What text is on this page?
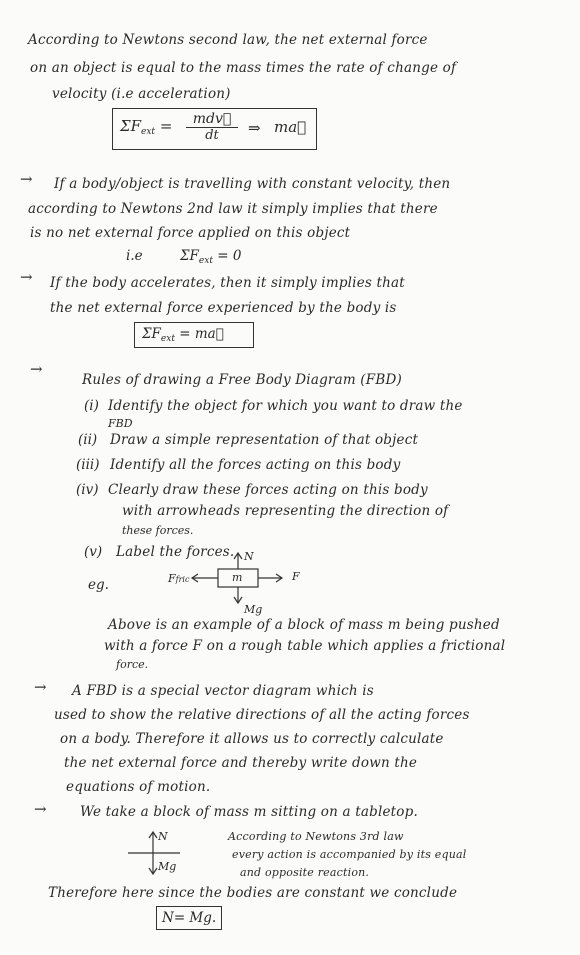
According to Newtons second law, the net external force
on an object is equal to the mass times the rate of change of
velocity (i.e acceleration)
$\Sigma F_{ext}$ =	mdv⃗
dt	⇒ ma⃗
→ If a body/object is travelling with constant velocity, then
according to Newtons 2nd law it simply implies that there
is no net external force applied on this object
i.e	$\Sigma F_{ext} = 0$
→ If the body accelerates, then it simply implies that
the net external force experienced by the body is
$\Sigma F_{ext}$ = ma⃗
→
Rules of drawing a Free Body Diagram (FBD)
(i) Identify the object for which you want to draw the
FBD
(ii) Draw a simple representation of that object
(iii) Identify all the forces acting on this body
(iv) Clearly draw these forces acting on this body
with arrowheads representing the direction of
these forces.
(v) Label the forces.
eg.
N
m	F
Ffric
Mg
Above is an example of a block of mass m being pushed
with a force F on a rough table which applies a frictional
force.
→ A FBD is a special vector diagram which is
used to show the relative directions of all the acting forces
on a body. Therefore it allows us to correctly calculate
the net external force and thereby write down the
equations of motion.
→ We take a block of mass m sitting on a tabletop.
N
Mg
According to Newtons 3rd law
every action is accompanied by its equal
and opposite reaction.
Therefore here since the bodies are constant we conclude
N= Mg.
